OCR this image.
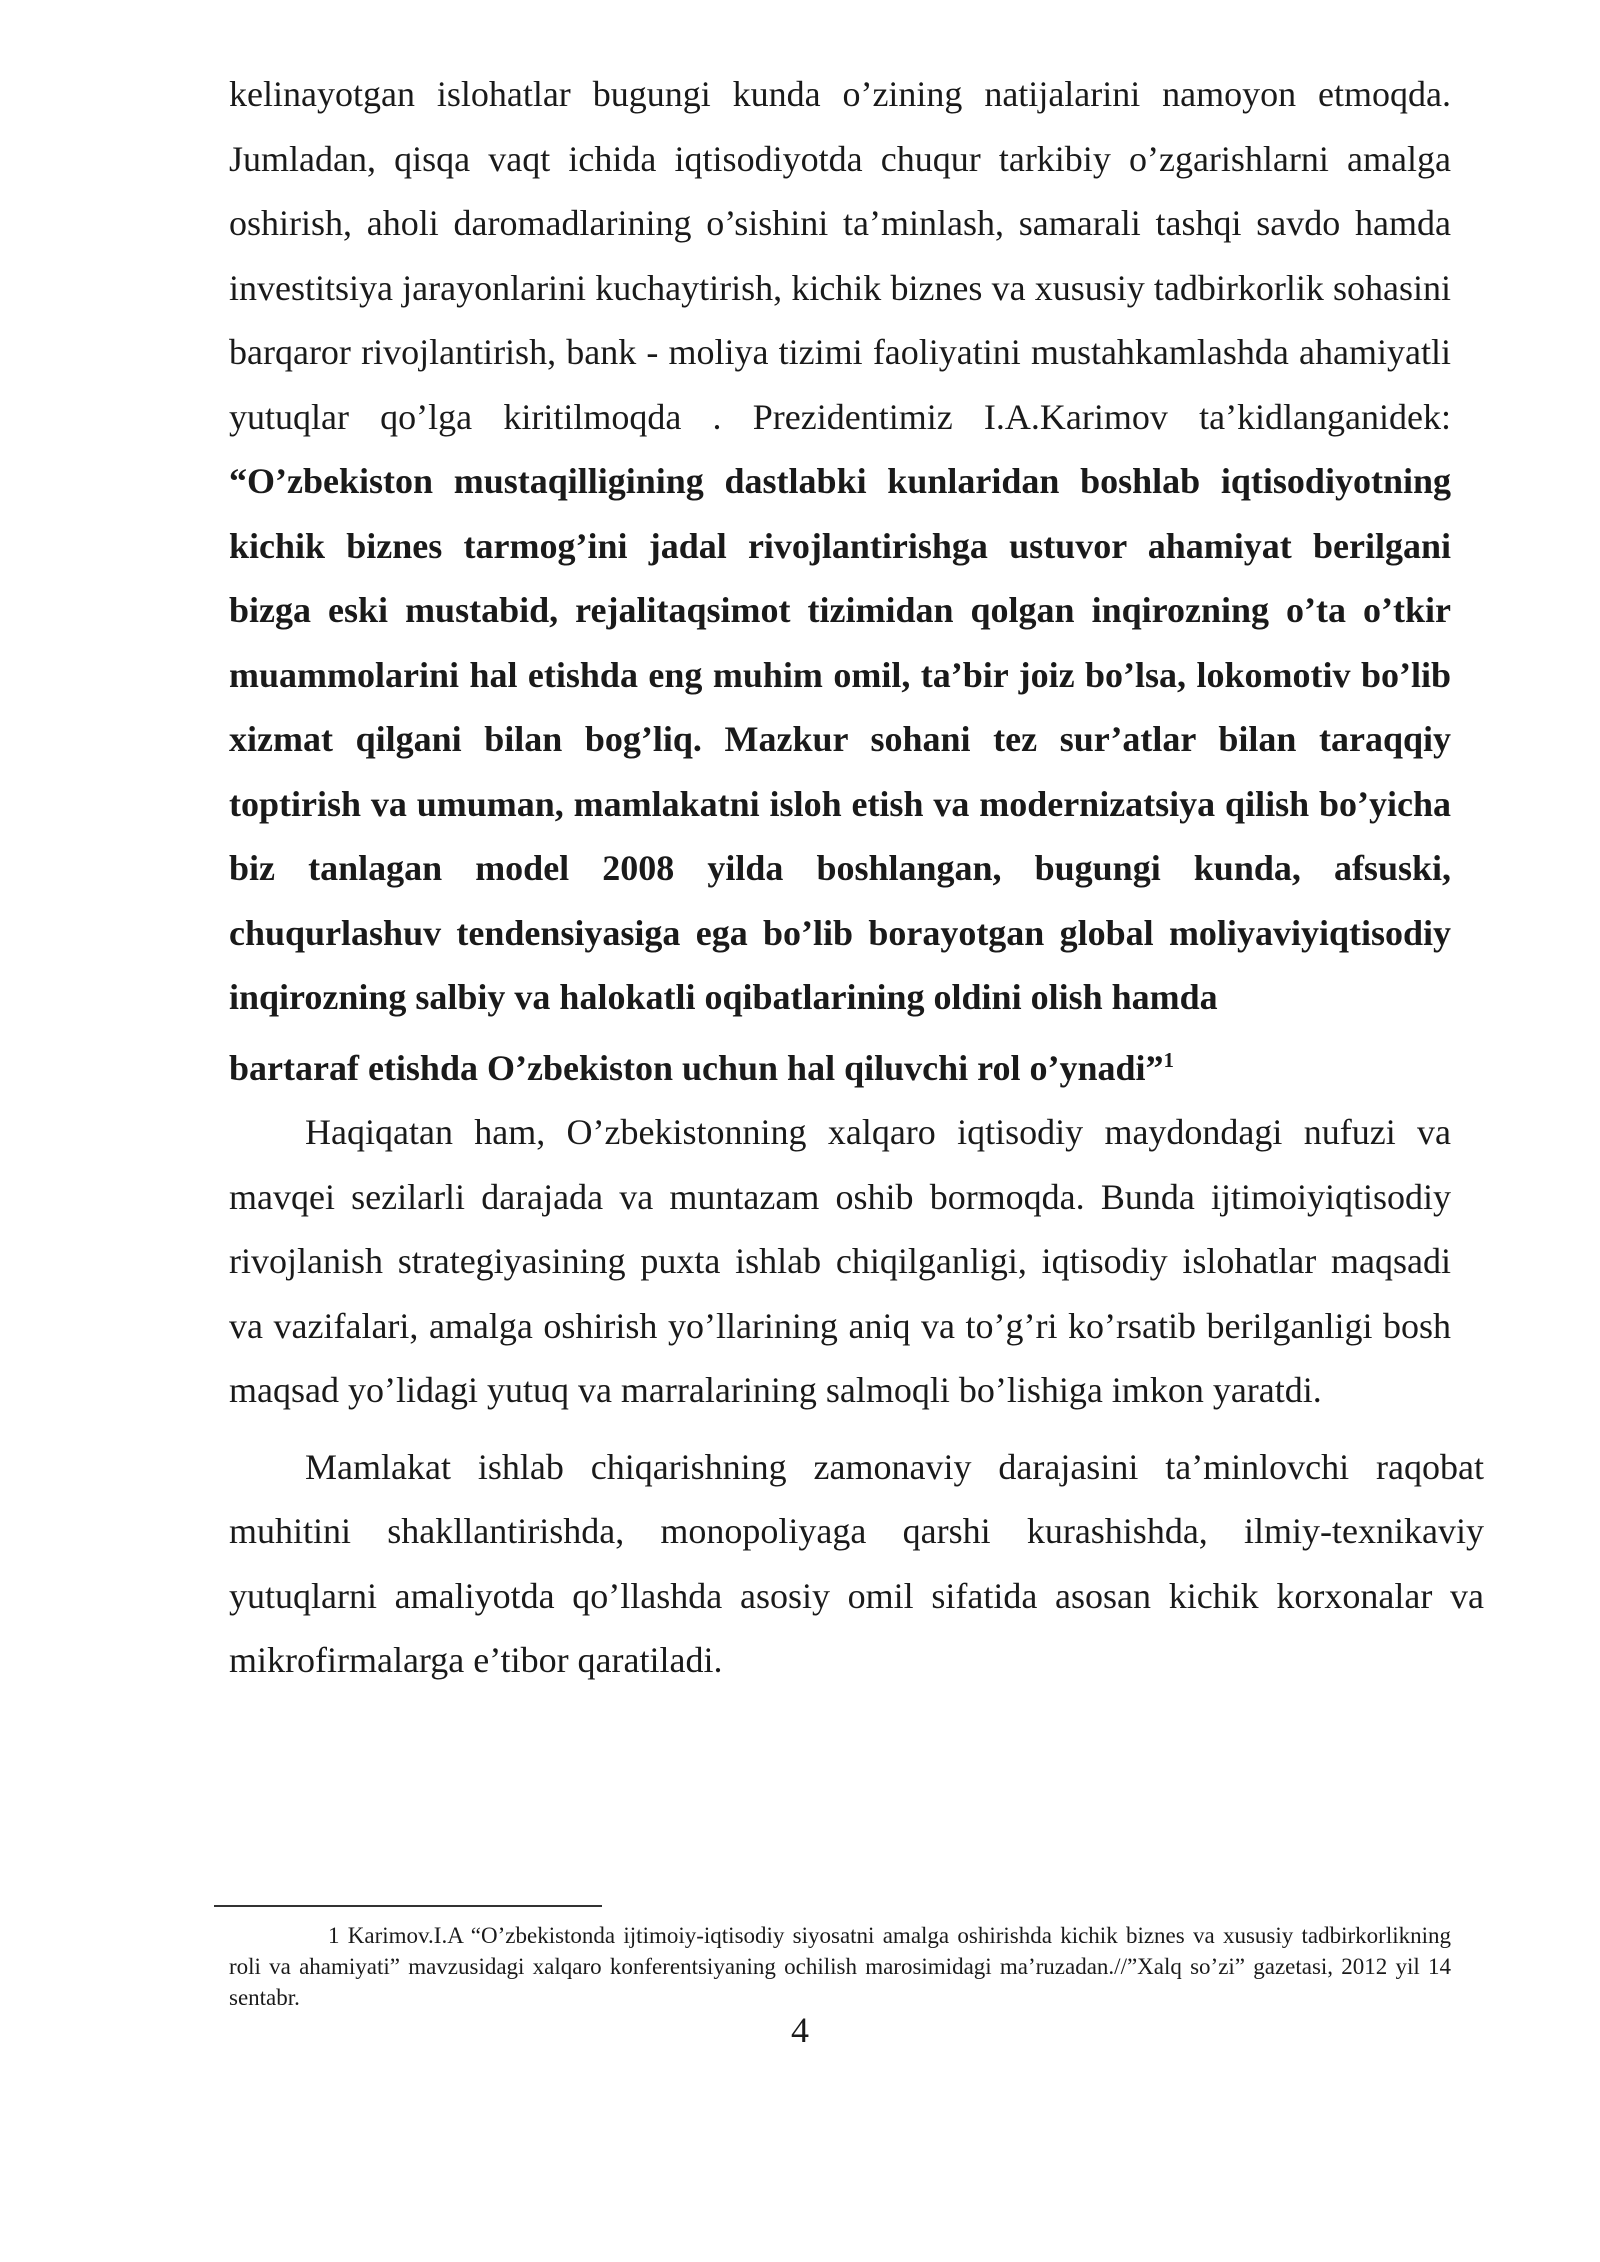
kelinayotgan islohatlar bugungi kunda o’zining natijalarini namoyon etmoqda. Jumladan, qisqa vaqt ichida iqtisodiyotda chuqur tarkibiy o’zgarishlarni amalga oshirish, aholi daromadlarining o’sishini ta’minlash, samarali tashqi savdo hamda investitsiya jarayonlarini kuchaytirish, kichik biznes va xususiy tadbirkorlik sohasini barqaror rivojlantirish, bank - moliya tizimi faoliyatini mustahkamlashda ahamiyatli yutuqlar qo’lga kiritilmoqda . Prezidentimiz I.A.Karimov ta’kidlanganidek: “O’zbekiston mustaqilligining dastlabki kunlaridan boshlab iqtisodiyotning kichik biznes tarmog’ini jadal rivojlantirishga ustuvor ahamiyat berilgani bizga eski mustabid, rejalitaqsimot tizimidan qolgan inqirozning o’ta o’tkir muammolarini hal etishda eng muhim omil, ta’bir joiz bo’lsa, lokomotiv bo’lib xizmat qilgani bilan bog’liq. Mazkur sohani tez sur’atlar bilan taraqqiy toptirish va umuman, mamlakatni isloh etish va modernizatsiya qilish bo’yicha biz tanlagan model 2008 yilda boshlangan, bugungi kunda, afsuski, chuqurlashuv tendensiyasiga ega bo’lib borayotgan global moliyaviyiqtisodiy inqirozning salbiy va halokatli oqibatlarining oldini olish hamda

bartaraf etishda O’zbekiston uchun hal qiluvchi rol o’ynadi”$^1$

Haqiqatan ham, O’zbekistonning xalqaro iqtisodiy maydondagi nufuzi va mavqei sezilarli darajada va muntazam oshib bormoqda. Bunda ijtimoiyiqtisodiy rivojlanish strategiyasining puxta ishlab chiqilganligi, iqtisodiy islohatlar maqsadi va vazifalari, amalga oshirish yo’llarining aniq va to’g’ri ko’rsatib berilganligi bosh maqsad yo’lidagi yutuq va marralarining salmoqli bo’lishiga imkon yaratdi.

Mamlakat ishlab chiqarishning zamonaviy darajasini ta’minlovchi raqobat muhitini shakllantirishda, monopoliyaga qarshi kurashishda, ilmiy-texnikaviy yutuqlarni amaliyotda qo’llashda asosiy omil sifatida asosan kichik korxonalar va mikrofirmalarga e’tibor qaratiladi.

1 Karimov.I.A “O’zbekistonda ijtimoiy-iqtisodiy siyosatni amalga oshirishda kichik biznes va xususiy tadbirkorlikning roli va ahamiyati” mavzusidagi xalqaro konferentsiyaning ochilish marosimidagi ma’ruzadan.//”Xalq so’zi” gazetasi, 2012 yil 14 sentabr.
4
